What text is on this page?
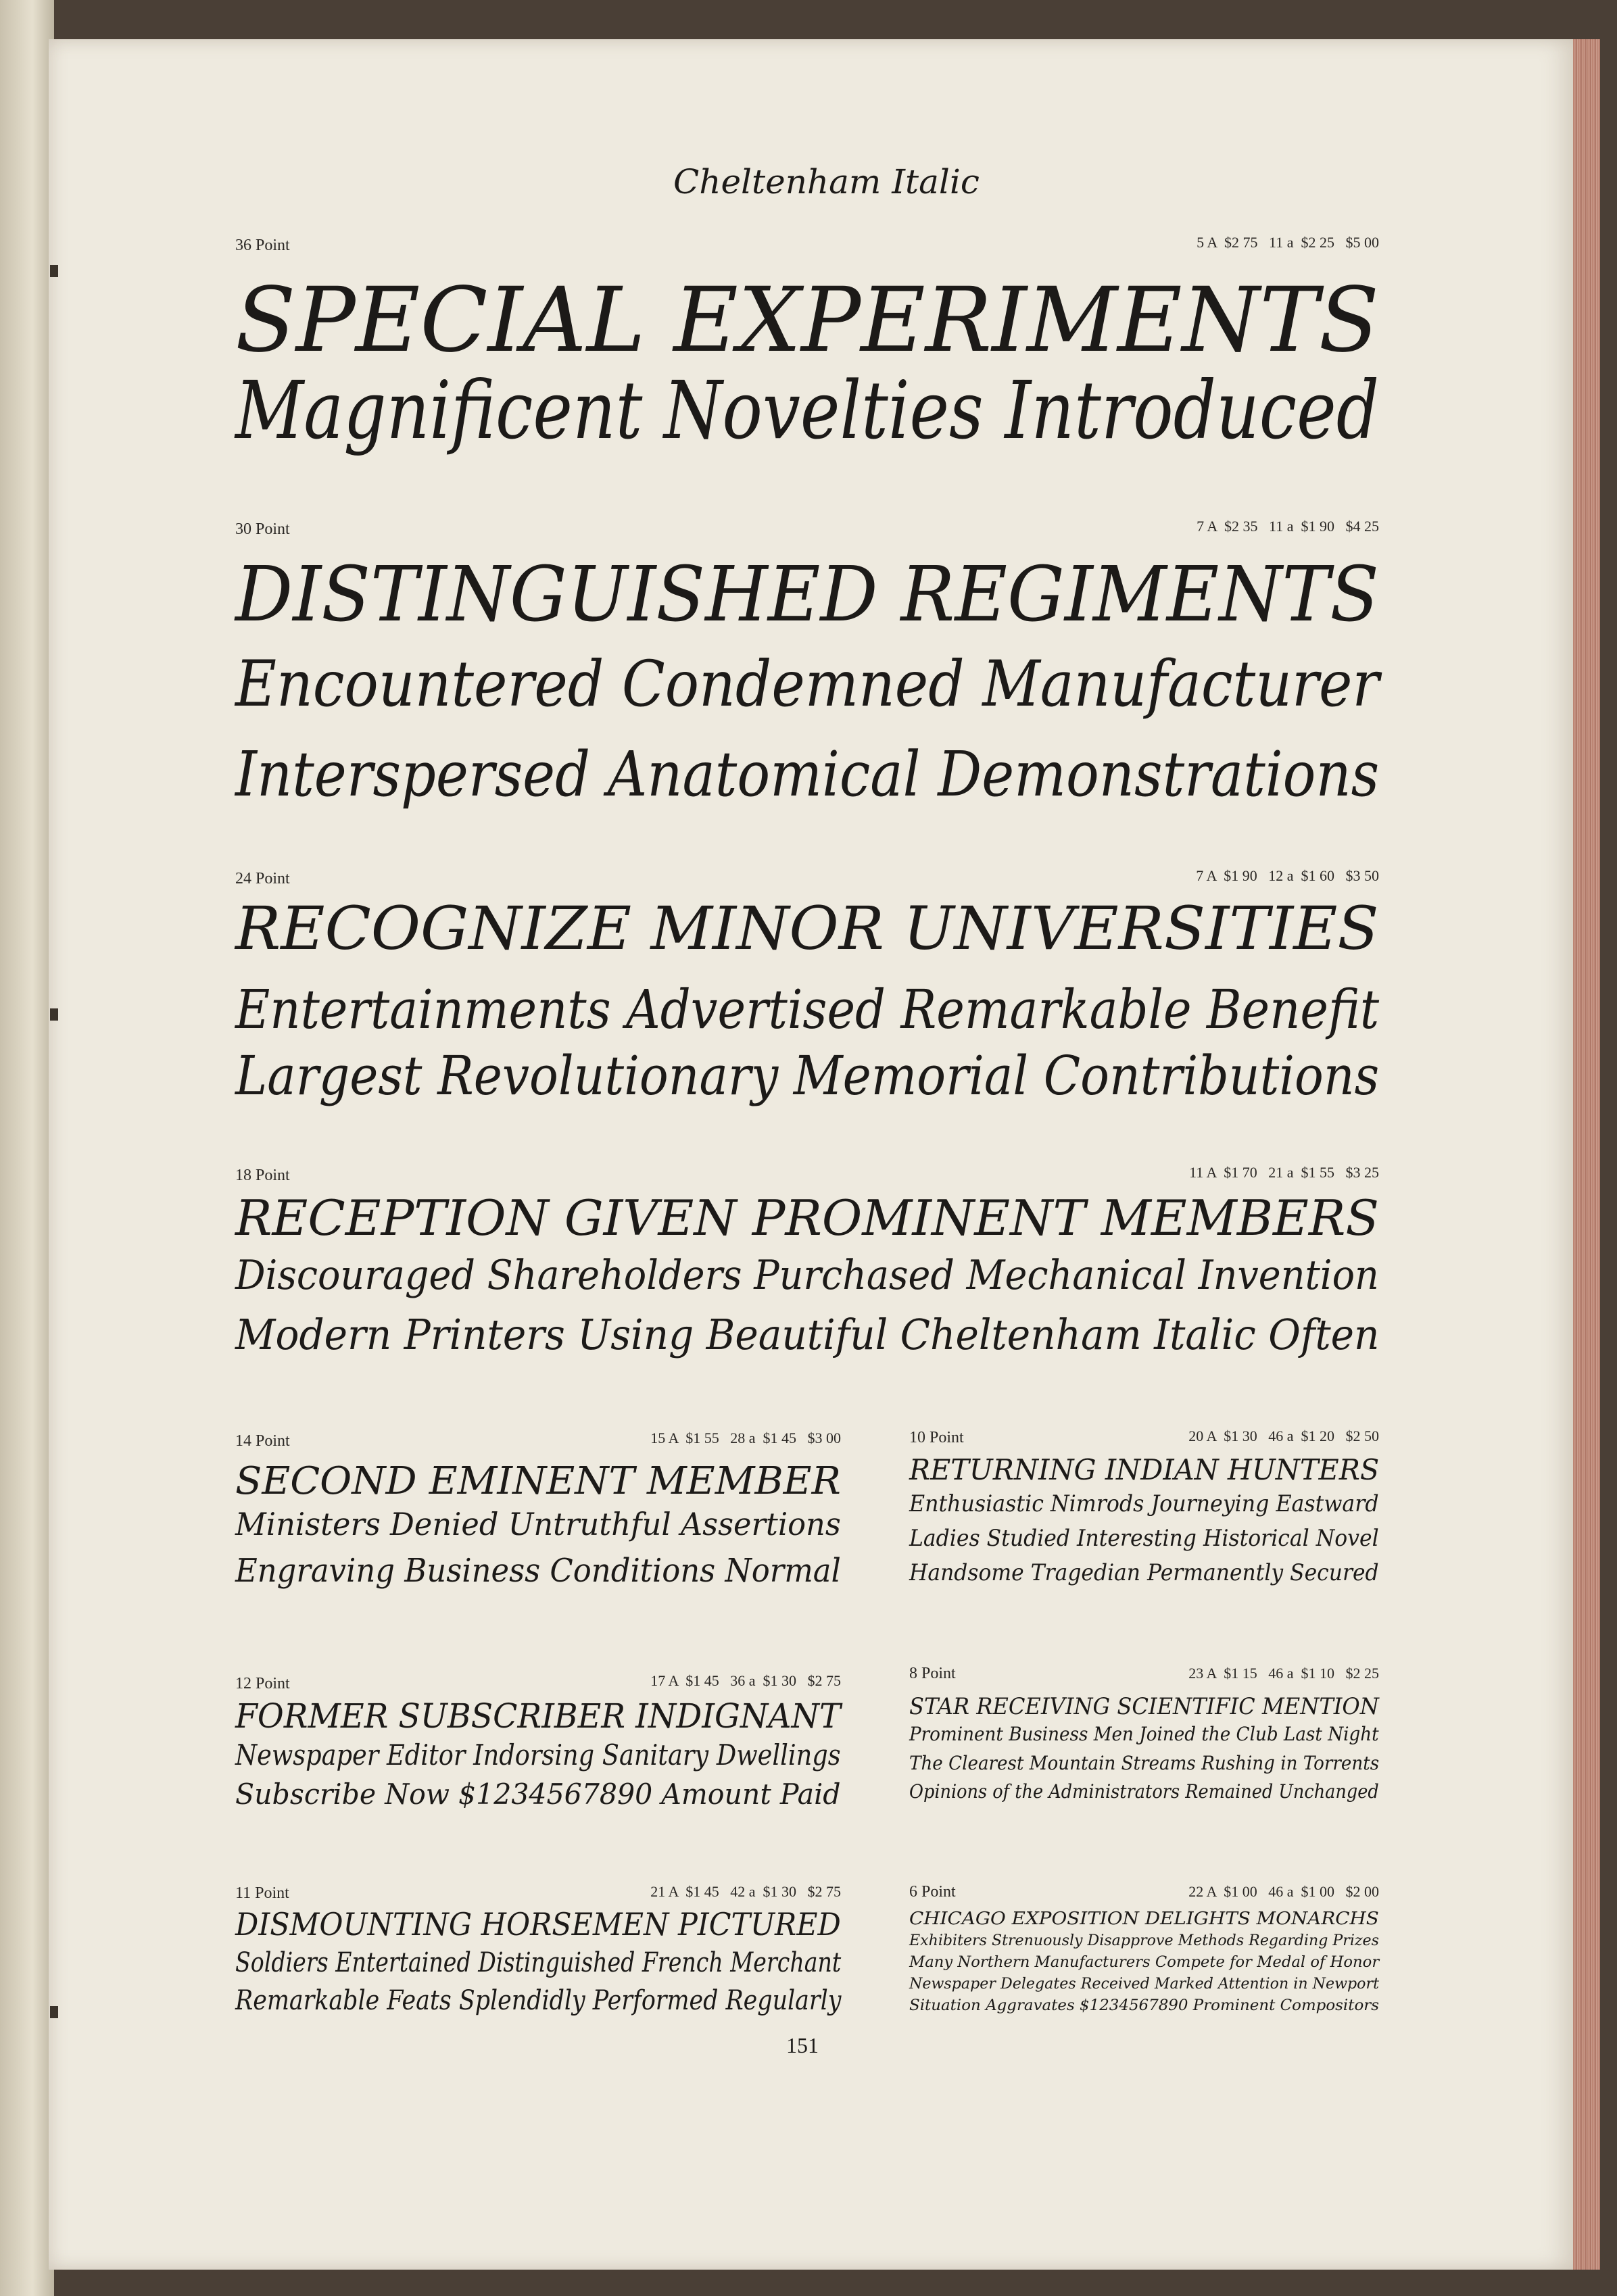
Cheltenham Italic
151
36 Point	5 A  $2 75   11 a  $2 25   $5 00
SPECIAL EXPERIMENTS
Magnificent Novelties Introduced
30 Point	7 A  $2 35   11 a  $1 90   $4 25
DISTINGUISHED REGIMENTS
Encountered Condemned Manufacturer
Interspersed Anatomical Demonstrations
24 Point	7 A  $1 90   12 a  $1 60   $3 50
RECOGNIZE MINOR UNIVERSITIES
Entertainments Advertised Remarkable Benefit
Largest Revolutionary Memorial Contributions
18 Point	11 A  $1 70   21 a  $1 55   $3 25
RECEPTION GIVEN PROMINENT MEMBERS
Discouraged Shareholders Purchased Mechanical Invention
Modern Printers Using Beautiful Cheltenham Italic Often
14 Point	15 A  $1 55   28 a  $1 45   $3 00
SECOND EMINENT MEMBER
Ministers Denied Untruthful Assertions
Engraving Business Conditions Normal
10 Point	20 A  $1 30   46 a  $1 20   $2 50
RETURNING INDIAN HUNTERS
Enthusiastic Nimrods Journeying Eastward
Ladies Studied Interesting Historical Novel
Handsome Tragedian Permanently Secured
12 Point	17 A  $1 45   36 a  $1 30   $2 75
FORMER SUBSCRIBER INDIGNANT
Newspaper Editor Indorsing Sanitary Dwellings
Subscribe Now $1234567890 Amount Paid
8 Point	23 A  $1 15   46 a  $1 10   $2 25
STAR RECEIVING SCIENTIFIC MENTION
Prominent Business Men Joined the Club Last Night
The Clearest Mountain Streams Rushing in Torrents
Opinions of the Administrators Remained Unchanged
11 Point	21 A  $1 45   42 a  $1 30   $2 75
DISMOUNTING HORSEMEN PICTURED
Soldiers Entertained Distinguished French Merchant
Remarkable Feats Splendidly Performed Regularly
6 Point	22 A  $1 00   46 a  $1 00   $2 00
CHICAGO EXPOSITION DELIGHTS MONARCHS
Exhibiters Strenuously Disapprove Methods Regarding Prizes
Many Northern Manufacturers Compete for Medal of Honor
Newspaper Delegates Received Marked Attention in Newport
Situation Aggravates $1234567890 Prominent Compositors
